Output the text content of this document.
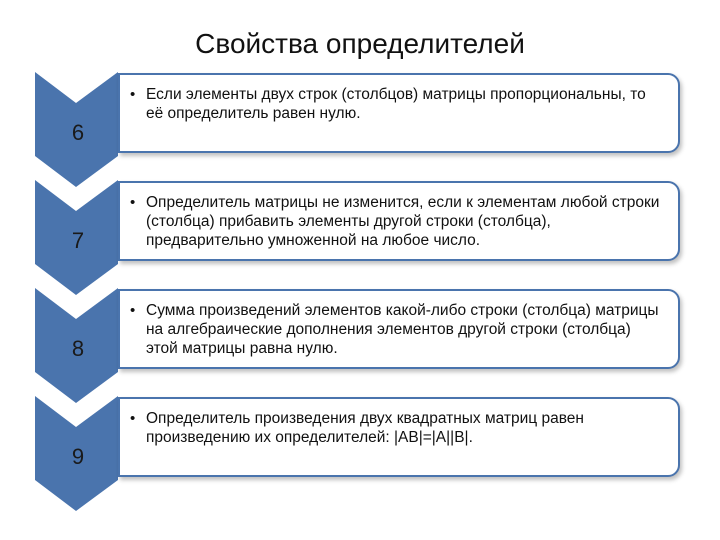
Свойства определителей
6
7
8
9
• Если элементы двух строк (столбцов) матрицы пропорциональны, то её определитель равен нулю.
• Определитель матрицы не изменится, если к элементам любой строки (столбца) прибавить элементы другой строки (столбца), предварительно умноженной на любое число.
• Сумма произведений элементов какой-либо строки (столбца) матрицы на алгебраические дополнения элементов другой строки (столбца) этой матрицы равна нулю.
• Определитель произведения двух квадратных матриц равен произведению их определителей: |AB|=|A||B|.
